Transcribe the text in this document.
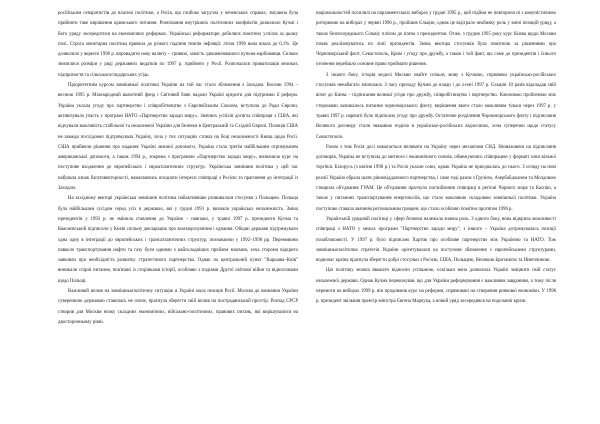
російським сепаратистів до власної політики, а Росія, що глибоко загрузла у чеченських справах, змушена була прийняти таке вирішення кримського питання. Розв'язання внутрішніх політичних конфліктів дозволило Кучмі і його уряду зосередитися на економічних реформах. Українські реформатори добилися помітних успіхів за цьому полі. Строга монетарна політика привела до різкого падіння темпів інфляції: літом 1996 вона впала до 0,1%. Це дозволило у вересні 1996 р. впровадити нову валюту – гривню, замість здешевлюваного купона-карбованця. Сильно знизилися розміри у ряді державних видатків по 1997 р. прийнято у Росії. Розпочалася приватизація великих підприємств та сільськогосподарських угідь.

Пріоритетним курсом зовнішньої політики України на той час стало зближення з Заходом. Восени 1994 – весною 1995 р. Міжнародний валютний фонд і Світовий банк надали Україні кредити для підтримки її реформ. Україна уклала угоду про партнерство і співробітництво з Європейським Союзом, вступила до Ради Європи, активізувала участь у програмі НАТО «Партнерство заради миру». Значних успіхів досягла співпраця з США, які відчували важливість стабільної та незалежної України для безпеки в Центральній та Східній Європі. Позиція США не завжди послідовно підтримувала Україну, хоча у тих ситуаціях стояла на боці незалежності Києва щодо Росії. США прийняли рішення про надання Україні значної допомоги, Україна стала третім найбільшим отримувачем американської допомоги, а також 1994 р., зокрема з програмою «Партнерство заради миру», визначила курс на поступове входження до європейських і євроатлантичних структур. Українська зовнішня політика у цей час набувала ознак багатовекторності, намагаючись поєднати інтереси співпраці з Росією та прагнення до інтеграції із Заходом.

На західному векторі українська зовнішня політика найактивніше розвивалася стосунки з Польщею. Польща була найбільшим сусідом серед усіх в державах, які у грудні 1991 р. визнали українську незалежність. Зміна президентів у 1993 р. не змінила ставлення до України – навпаки, у травні 1997 р. президенти Кучма та Кваснєвський підписали у Києві спільну декларацію про взаєморозуміння і єднання. Обидві держави підтримували одна одну в інтеграції до європейських і трансатлантичних структур, позначаючи у 1992–1998 рр. Перемовини навколо транспортування нафти та газу були одними з найскладніших проблем взаємин, хоча сторони відкрито заявляли про необхідність розвитку стратегічного партнерства. Однак на центральний пункт "Варшава–Київ" виникали спірні питання, пов'язані із сторінками історії, особливо з подіями Другої світової війни та відносинами щодо Польщі.

Важливий вплив на зовнішньополітичну ситуацію в Україні мала позиція Росії. Москва до визнання України суверенною державою ставилась не охоче, прагнула зберегти свій вплив на пострадянський простір. Розпад СРСР створив для Москви низку складних економічних, військово-політичних, правових питань, які вирішувалися на двосторонньому рівні.

національностей посилилі на парламентських виборах у грудні 1995 р., цей підйом не повторили ні з комуністичною риторикою на виборах у червні 1996 р., пройшов Єльцин, однак це відіграло неабияку роль у зміні позицій уряду, а також безпосереднього Сільвіу плічом до плеча з президентом. Отже, з грудня 1995 року курс Києва щодо Москви почав реалізовуватись по лінії президентів. Зміна вектора стосунків була помітною за рішеннями про Чорноморський флот, Севастополь, Крим і угоду про дружбу, а також і той факт, що саме до президентів і їхнього оточення перейшло основне право приймати рішення.

З іншого боку, історія моделі Москви знайте спільну мову з Кучмою, сприяючи українсько-російських стосунків ненабагато змінилася. З часу приходу Кучми до влади і до осені 1997 р. Єльцин 10 разів відкладав свій візит до Києва – підписання великої угоди про дружбу, співробітництво і партнерство. Ключовою проблемою між сторонами залишалось питання чорноморського флоту, вирішення якого стало можливим тільки через 1997 р. у травні 1997 р. нарешті було підписано угоду про дружбу. Остаточне розділення Чорноморського флоту і підписання Великого договору стали знаковою подією в українсько-російських відносинах, хоча суперечки щодо статусу Севастополя.

Разом з тим Росія досі намагається впливати на Україну через механізми СНД. Незважаючи на підписання договорів, Україна не вступила до митного і економічного союзів, обмежуючись співпрацею у форматі зони вільної торгівлі. Білорусь (з квітня 1996 р.) та Росія уклали союз, однак Україна не приєдналась до нього. З огляду на нові реалії Україна обрала шлях рівновіддаленого партнерства, і саме тоді разом з Грузією, Азербайджаном та Молдовою створила об'єднання ГУАМ. Це об'єднання прагнуло поглиблення співпраці в регіоні Чорного моря та Каспію, а також у питаннях транспортування енергоносіїв, що стало важливою складовою зовнішньої політики. Україна поступово ставала значним регіональним гравцем, що стало особливо помітно протягом 1996 р.

Українській урядовій політиці у сфері безпеки належала значна роль. З одного боку, вона відкрила можливості співпраці з НАТО у межах програми "Партнерство заради миру", з іншого – Україна дотримувалась позиції позаблоковості. У 1997 р. було підписано Хартію про особливе партнерство між Україною та НАТО. Тож зовнішньополітична стратегія України орієнтувалася на поступове зближення з європейськими структурами, водночас країна прагнула зберегти добрі стосунки з Росією, США, Польщею, Великою Британією та Німеччиною.

Цю політику можна вважати відносно успішною, оскільки вона дозволила Україні зміцнити свій статус незалежної держави. Однак Кучма переконував, що для України реформування є важливим завданням, а тому після перемоги на виборах 1999 р. він продовжив курс на реформи, спрямовані на створення ринкової економіки. У 1996 р. президент звільнив прем'єр-міністра Євгена Марчука, а новий уряд зосередився на подоланні кризи.
